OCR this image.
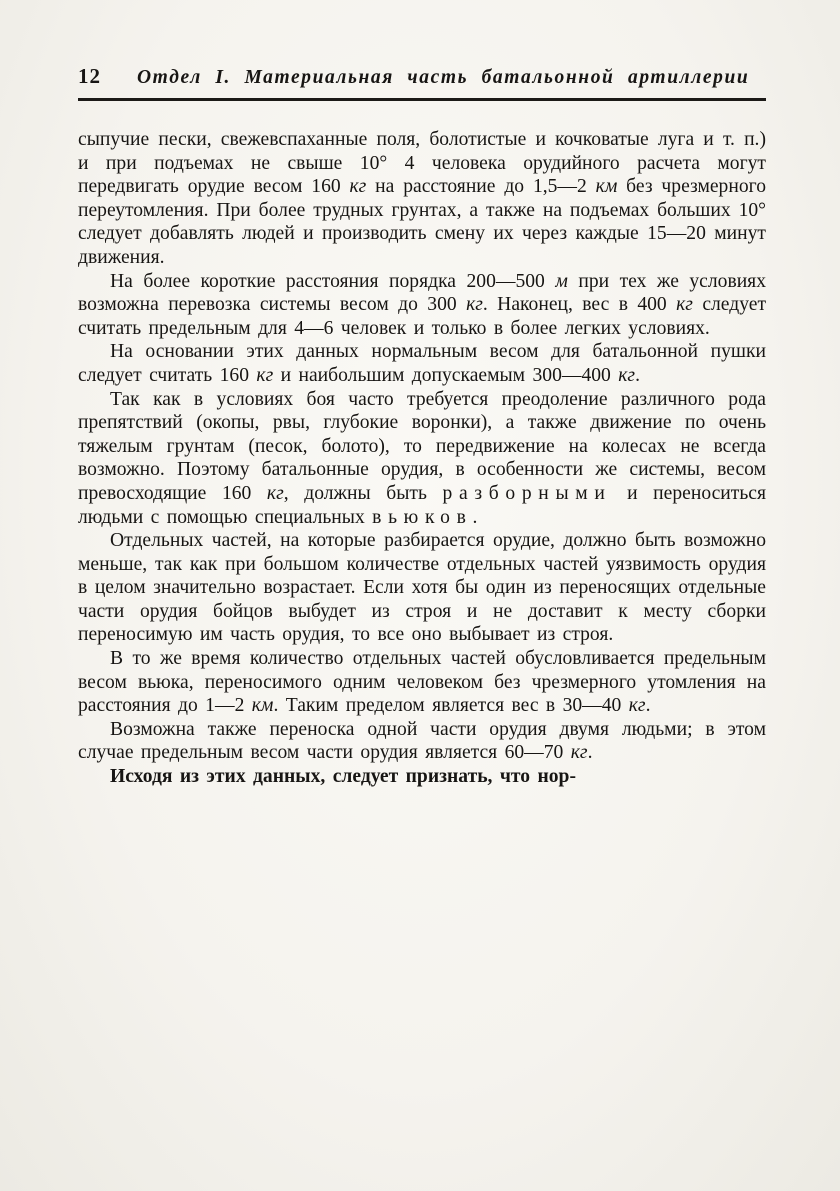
12 Отдел I. Материальная часть батальонной артиллерии

сыпучие пески, свежевспаханные поля, болотистые и кочковатые луга и т. п.) и при подъемах не свыше 10° 4 человека орудийного расчета могут передвигать орудие весом 160 кг на расстояние до 1,5—2 км без чрезмерного переутомления. При более трудных грунтах, а также на подъемах больших 10° следует добавлять людей и производить смену их через каждые 15—20 минут движения.

На более короткие расстояния порядка 200—500 м при тех же условиях возможна перевозка системы весом до 300 кг. Наконец, вес в 400 кг следует считать предельным для 4—6 человек и только в более легких условиях.

На основании этих данных нормальным весом для батальонной пушки следует считать 160 кг и наибольшим допускаемым 300—400 кг.

Так как в условиях боя часто требуется преодоление различного рода препятствий (окопы, рвы, глубокие воронки), а также движение по очень тяжелым грунтам (песок, болото), то передвижение на колесах не всегда возможно. Поэтому батальонные орудия, в особенности же системы, весом превосходящие 160 кг, должны быть разборными и переноситься людьми с помощью специальных вьюков.

Отдельных частей, на которые разбирается орудие, должно быть возможно меньше, так как при большом количестве отдельных частей уязвимость орудия в целом значительно возрастает. Если хотя бы один из переносящих отдельные части орудия бойцов выбудет из строя и не доставит к месту сборки переносимую им часть орудия, то все оно выбывает из строя.

В то же время количество отдельных частей обусловливается предельным весом вьюка, переносимого одним человеком без чрезмерного утомления на расстояния до 1—2 км. Таким пределом является вес в 30—40 кг.

Возможна также переноска одной части орудия двумя людьми; в этом случае предельным весом части орудия является 60—70 кг.

Исходя из этих данных, следует признать, что нор-
